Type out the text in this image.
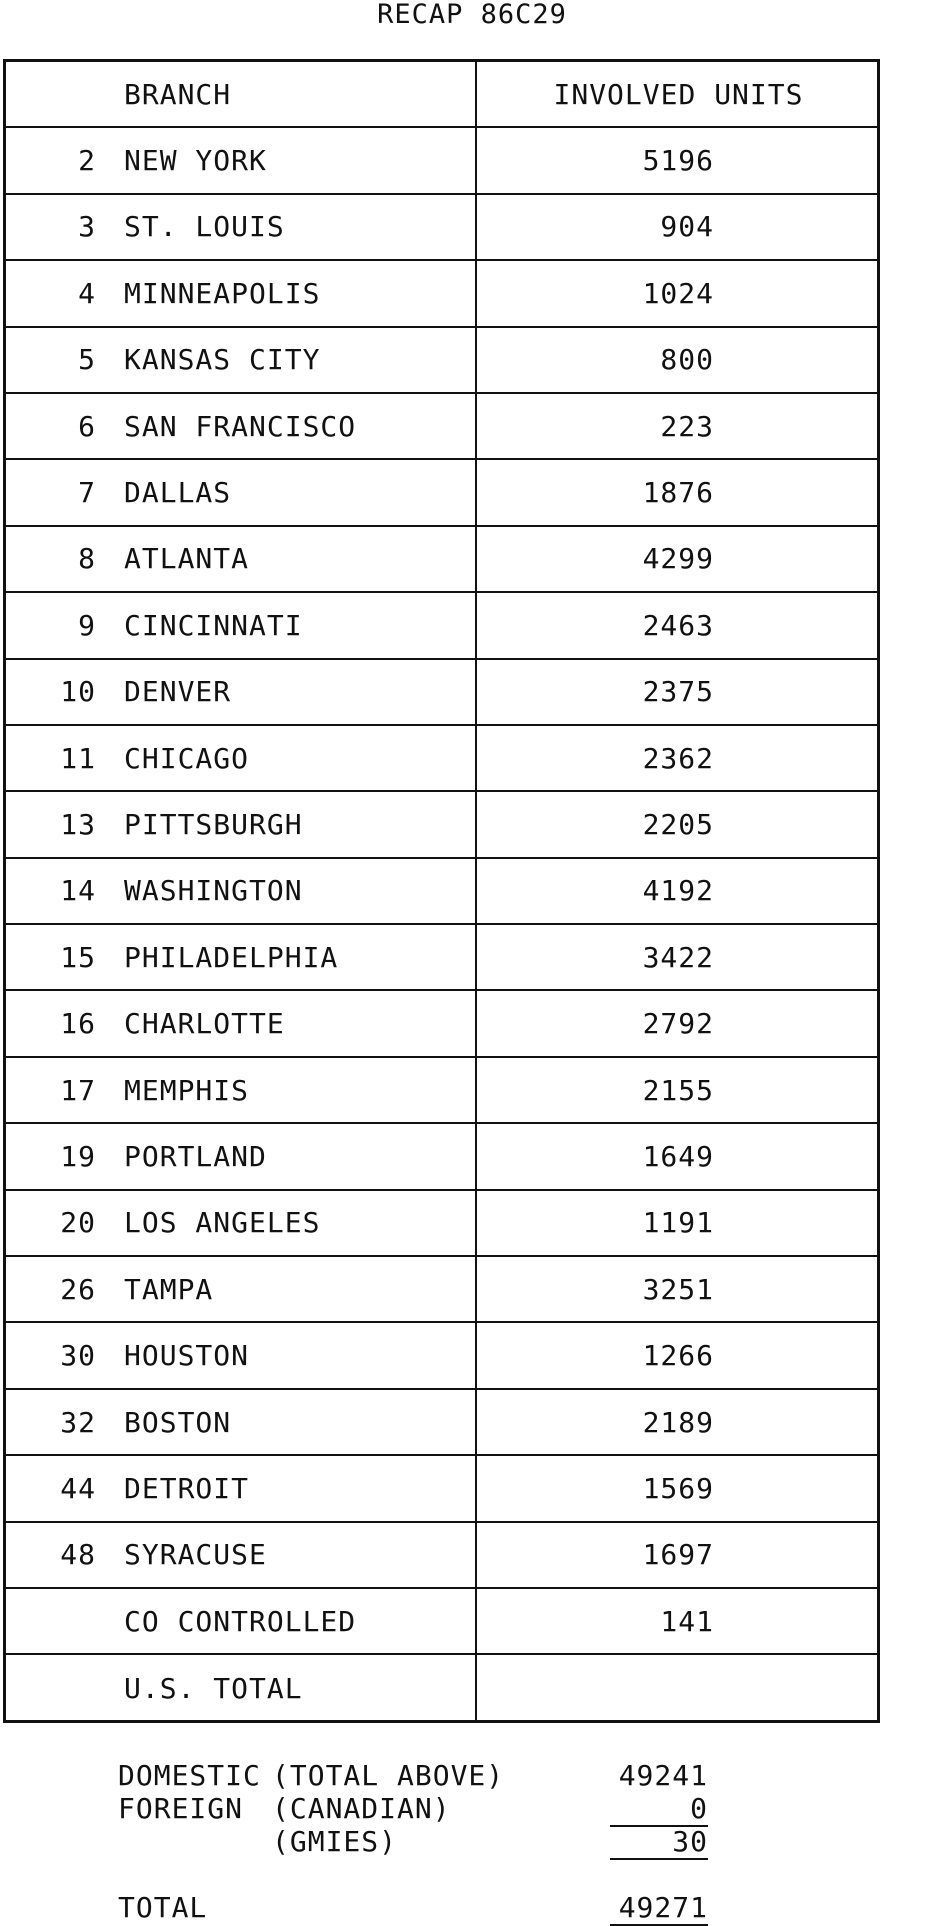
RECAP 86C29
BRANCH	INVOLVED UNITS
2 NEW YORK	5196
3 ST. LOUIS	904
4 MINNEAPOLIS	1024
5 KANSAS CITY	800
6 SAN FRANCISCO	223
7 DALLAS	1876
8 ATLANTA	4299
9 CINCINNATI	2463
10 DENVER	2375
11 CHICAGO	2362
13 PITTSBURGH	2205
14 WASHINGTON	4192
15 PHILADELPHIA	3422
16 CHARLOTTE	2792
17 MEMPHIS	2155
19 PORTLAND	1649
20 LOS ANGELES	1191
26 TAMPA	3251
30 HOUSTON	1266
32 BOSTON	2189
44 DETROIT	1569
48 SYRACUSE	1697
CO CONTROLLED	141
U.S. TOTAL
DOMESTIC (TOTAL ABOVE)	49241
FOREIGN (CANADIAN)	0
(GMIES)	30
TOTAL	49271
